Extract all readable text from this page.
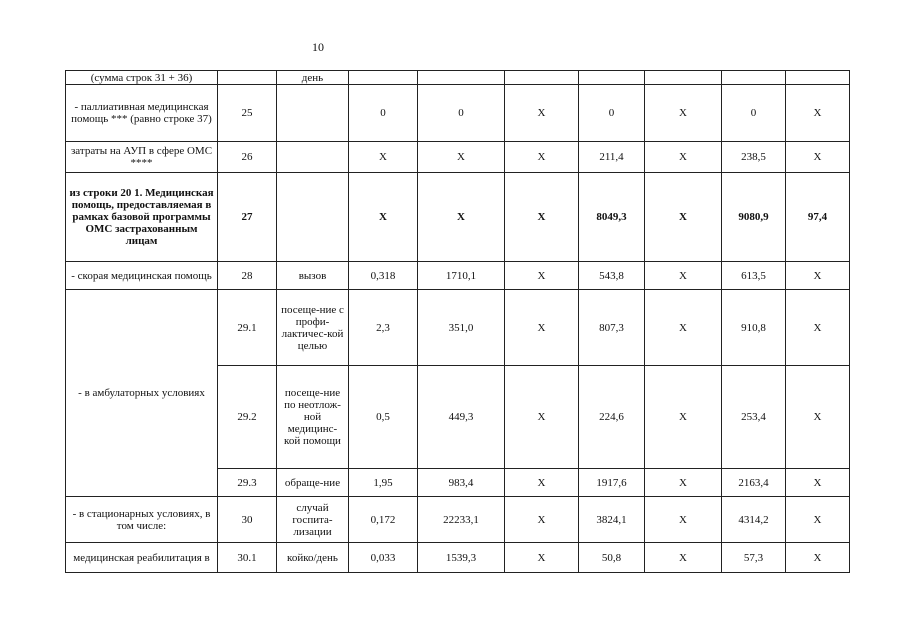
10
(сумма строк 31 + 36)		день							
- паллиативная медицинская помощь *** (равно строке 37)	25		0	0	Х	0	Х	0	Х
затраты на АУП в сфере ОМС ****	26		Х	Х	Х	211,4	Х	238,5	Х
из строки 20 1. Медицинская помощь, предоставляемая в рамках базовой программы ОМС застрахованным лицам	27		Х	Х	Х	8049,3	Х	9080,9	97,4
- скорая медицинская помощь	28	вызов	0,318	1710,1	Х	543,8	Х	613,5	Х
- в амбулаторных условиях	29.1	посеще-ние с профи-лактичес-кой целью	2,3	351,0	Х	807,3	Х	910,8	Х
	29.2	посеще-ние по неотлож-ной медицинс-кой помощи	0,5	449,3	Х	224,6	Х	253,4	Х
	29.3	обраще-ние	1,95	983,4	Х	1917,6	Х	2163,4	Х
- в стационарных условиях, в том числе:	30	случай госпита-лизации	0,172	22233,1	Х	3824,1	Х	4314,2	Х
медицинская реабилитация в	30.1	койко/день	0,033	1539,3	Х	50,8	Х	57,3	Х
